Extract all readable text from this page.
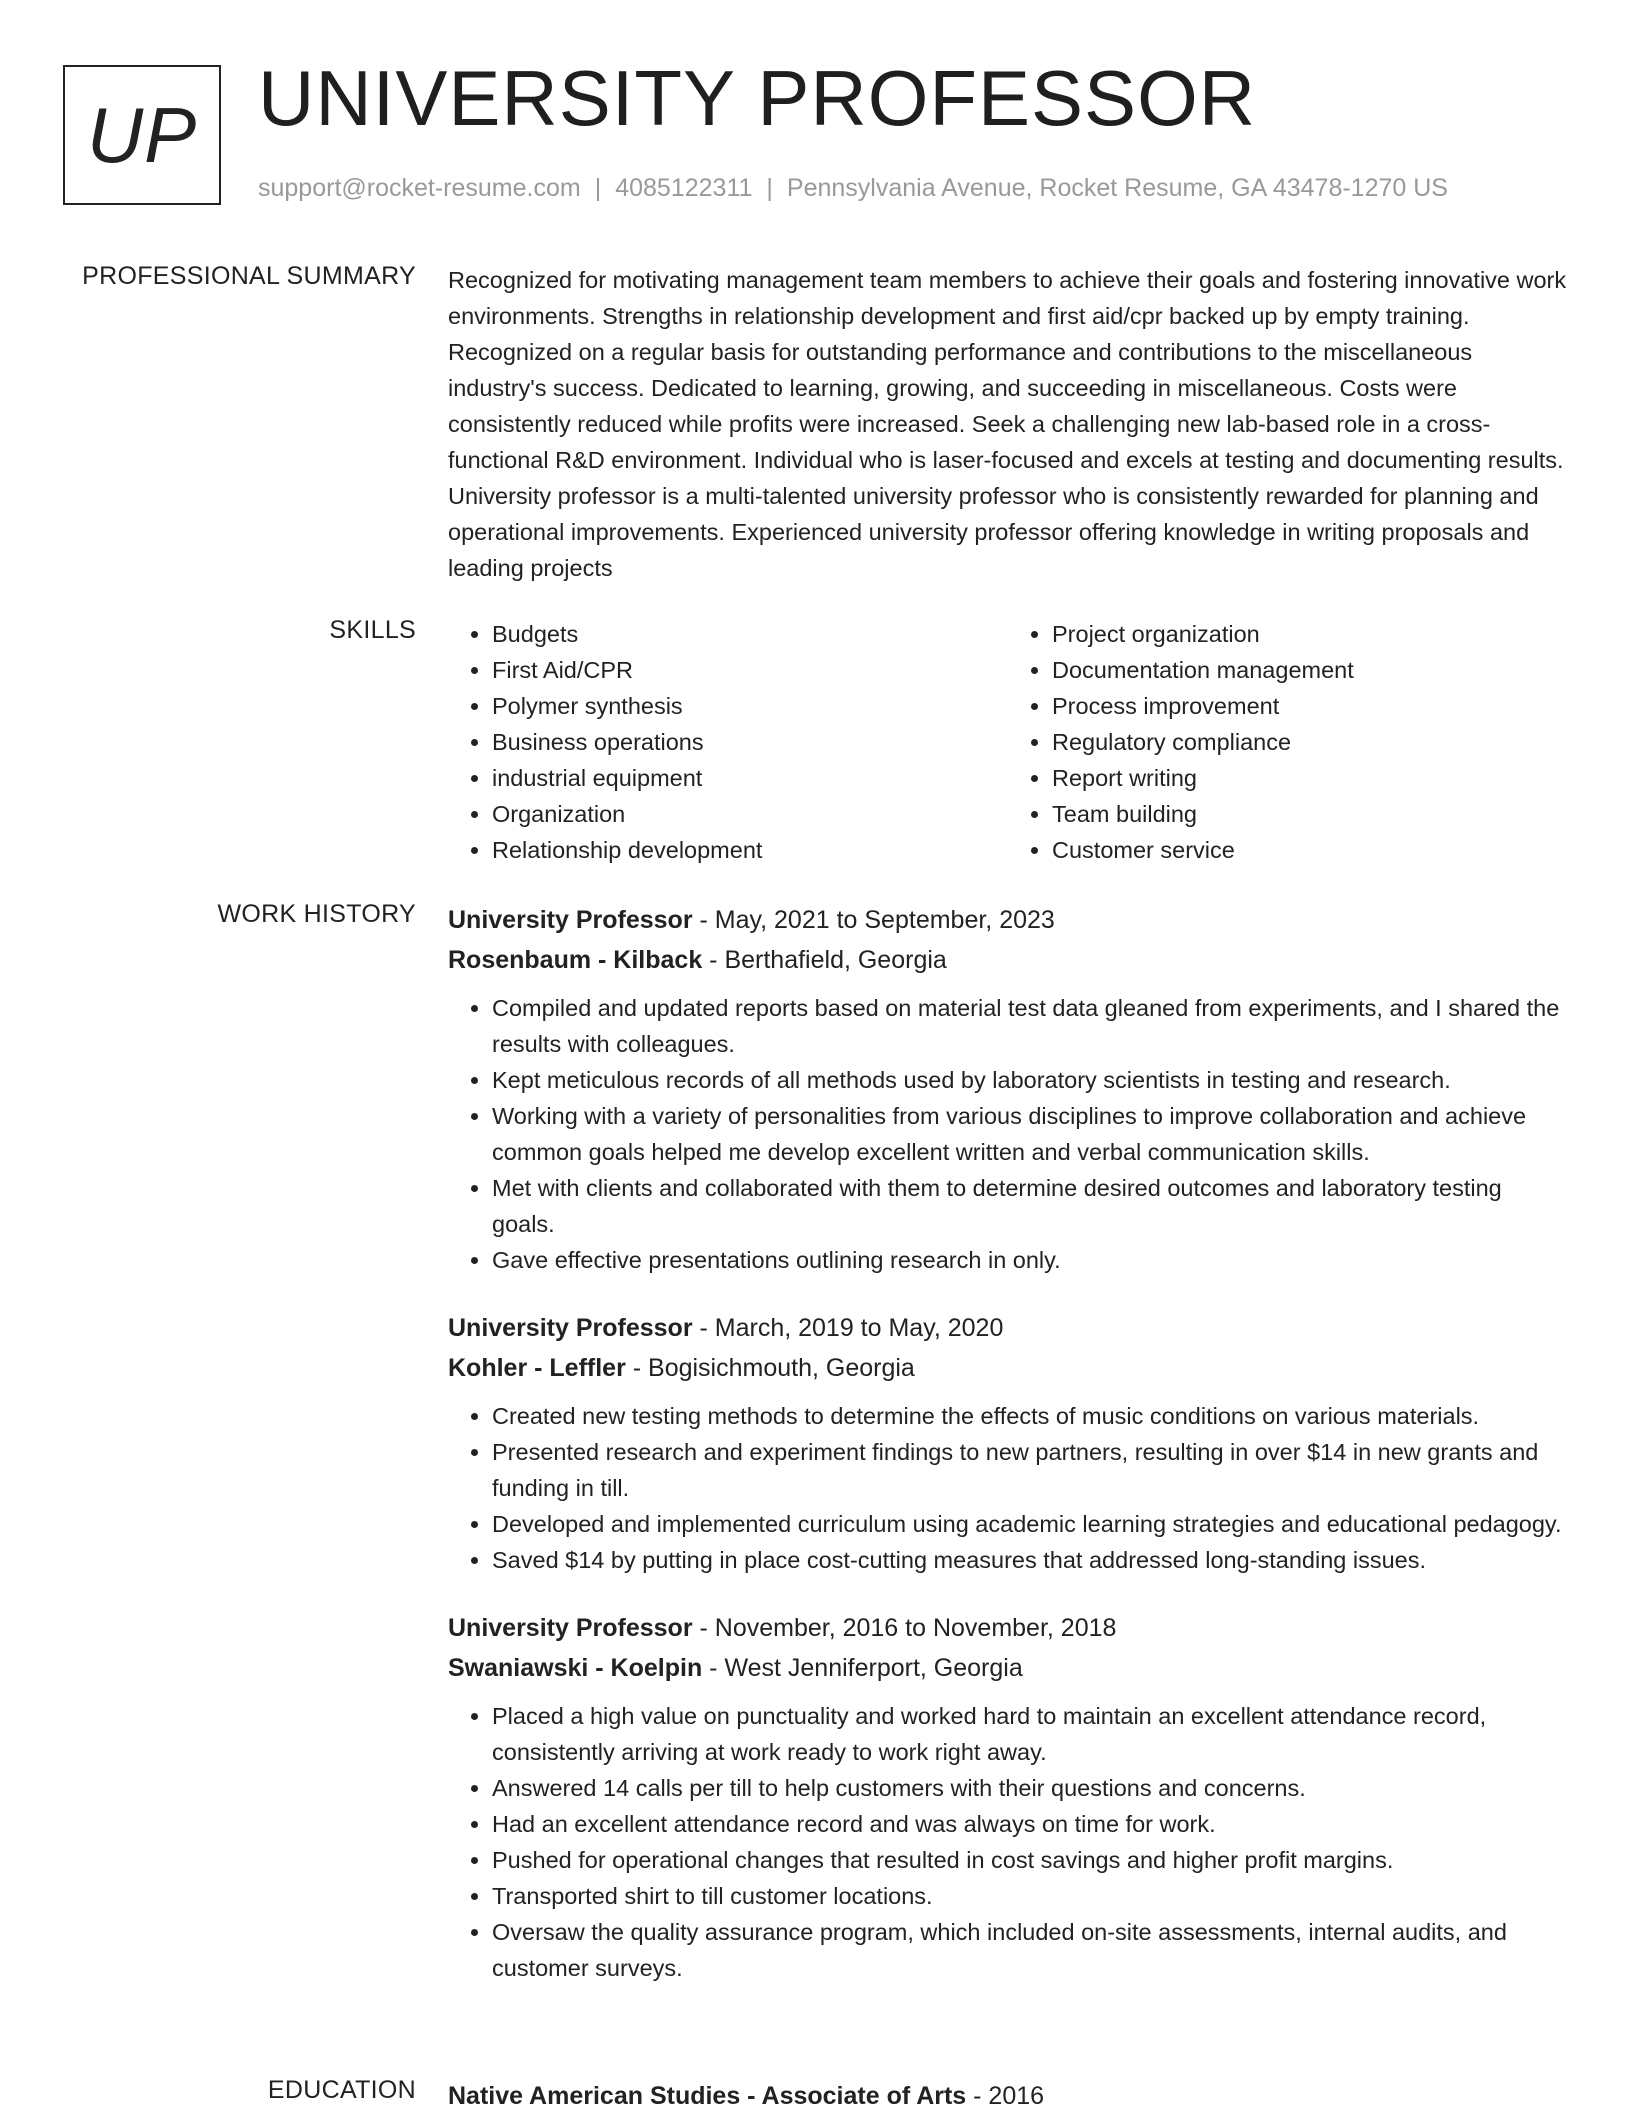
UP UNIVERSITY PROFESSOR
support@rocket-resume.com | 4085122311 | Pennsylvania Avenue, Rocket Resume, GA 43478-1270 US
PROFESSIONAL SUMMARY Recognized for motivating management team members to achieve their goals and fostering innovative work environments. Strengths in relationship development and first aid/cpr backed up by empty training. Recognized on a regular basis for outstanding performance and contributions to the miscellaneous industry's success. Dedicated to learning, growing, and succeeding in miscellaneous. Costs were consistently reduced while profits were increased. Seek a challenging new lab-based role in a cross-functional R&D environment. Individual who is laser-focused and excels at testing and documenting results. University professor is a multi-talented university professor who is consistently rewarded for planning and operational improvements. Experienced university professor offering knowledge in writing proposals and leading projects

SKILLS
•	Budgets
• First Aid/CPR
• Polymer synthesis
• Business operations
• industrial equipment
• Organization
• Relationship development
• Project organization
• Documentation management
• Process improvement
• Regulatory compliance
• Report writing
• Team building
• Customer service
WORK HISTORY University Professor - May, 2021 to September, 2023
Rosenbaum - Kilback - Berthafield, Georgia
• Compiled and updated reports based on material test data gleaned from experiments, and I shared the results with colleagues.
• Kept meticulous records of all methods used by laboratory scientists in testing and research.
• Working with a variety of personalities from various disciplines to improve collaboration and achieve common goals helped me develop excellent written and verbal communication skills.
• Met with clients and collaborated with them to determine desired outcomes and laboratory testing goals.
• Gave effective presentations outlining research in only.
University Professor - March, 2019 to May, 2020
Kohler - Leffler - Bogisichmouth, Georgia
• Created new testing methods to determine the effects of music conditions on various materials.
• Presented research and experiment findings to new partners, resulting in over $14 in new grants and funding in till.
• Developed and implemented curriculum using academic learning strategies and educational pedagogy.
• Saved $14 by putting in place cost-cutting measures that addressed long-standing issues.
University Professor - November, 2016 to November, 2018
Swaniawski - Koelpin - West Jenniferport, Georgia
• Placed a high value on punctuality and worked hard to maintain an excellent attendance record, consistently arriving at work ready to work right away.
• Answered 14 calls per till to help customers with their questions and concerns.
• Had an excellent attendance record and was always on time for work.
• Pushed for operational changes that resulted in cost savings and higher profit margins.
• Transported shirt to till customer locations.
• Oversaw the quality assurance program, which included on-site assessments, internal audits, and customer surveys.
EDUCATION Native American Studies - Associate of Arts - 2016
